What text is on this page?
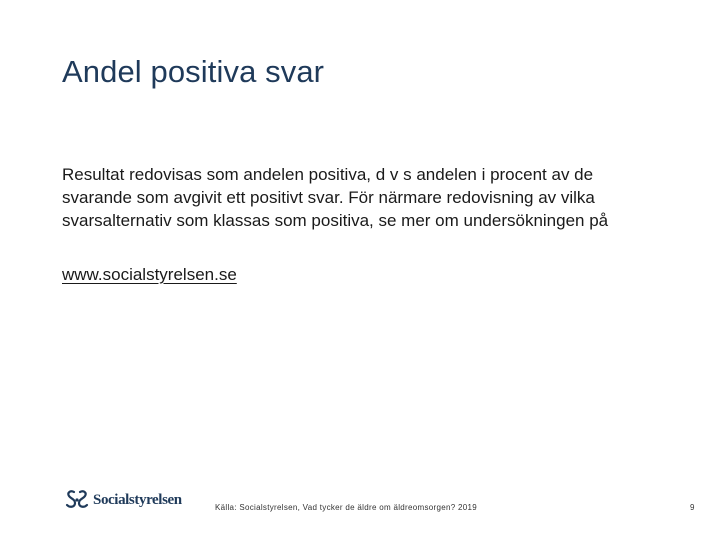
Andel positiva svar

Resultat redovisas som andelen positiva, d v s andelen i procent av de svarande som avgivit ett positivt svar. För närmare redovisning av vilka svarsalternativ som klassas som positiva, se mer om undersökningen på

www.socialstyrelsen.se
Socialstyrelsen	Källa: Socialstyrelsen, Vad tycker de äldre om äldreomsorgen? 2019	9
